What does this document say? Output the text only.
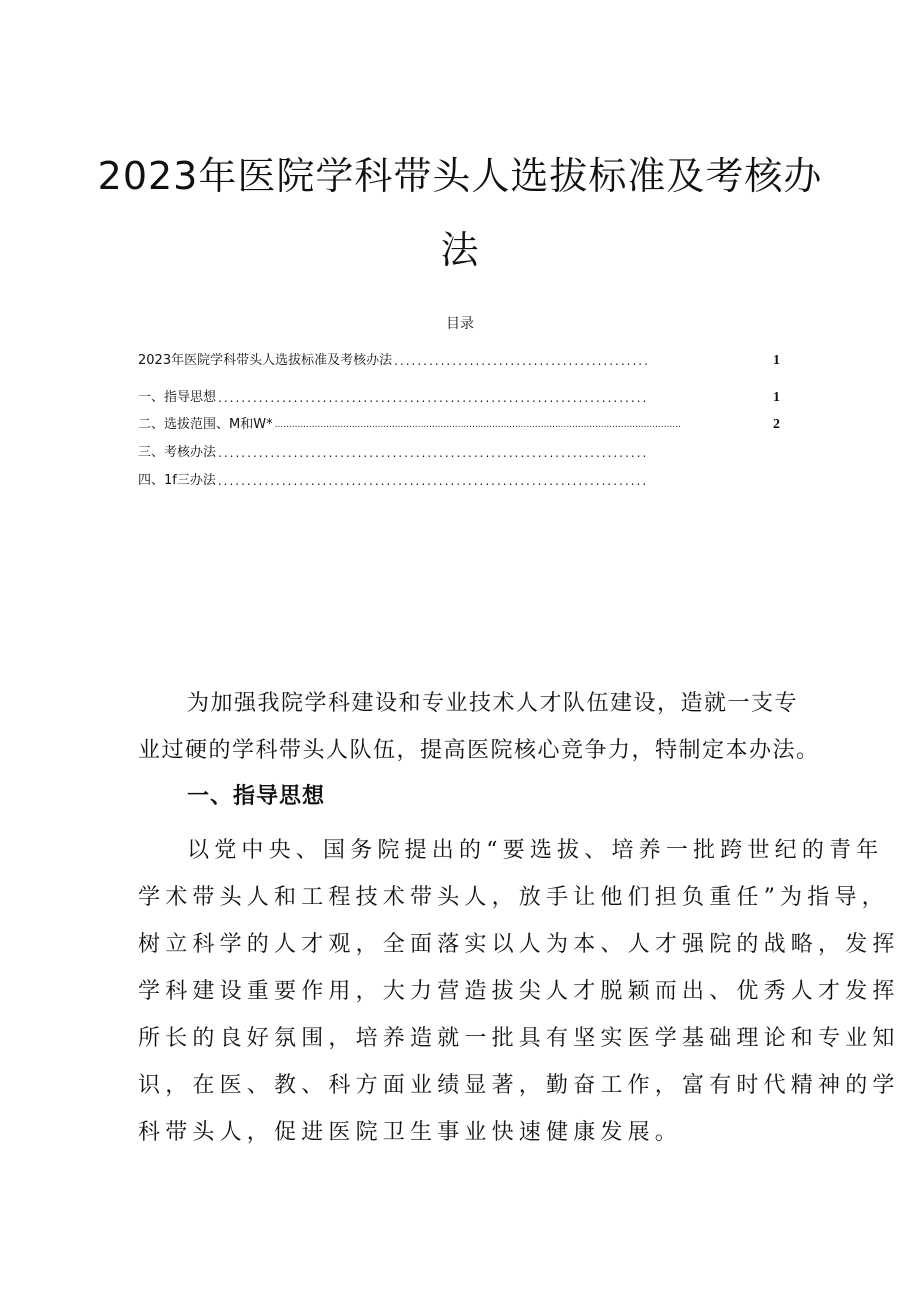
2023年医院学科带头人选拔标准及考核办
法
目录
2023年医院学科带头人选拔标准及考核办法 ............................................	1
一、指导思想 ..........................................................................	1
二、选拔范围、M和W* ..............................................................................................................................................	2
三、考核办法 ..........................................................................
四、1f三办法 ..........................................................................
为加强我院学科建设和专业技术人才队伍建设，造就一支专
业过硬的学科带头人队伍，提高医院核心竞争力，特制定本办法。
一、指导思想
以党中央、国务院提出的“要选拔、培养一批跨世纪的青年
学术带头人和工程技术带头人，放手让他们担负重任”为指导，
树立科学的人才观，全面落实以人为本、人才强院的战略，发挥
学科建设重要作用，大力营造拔尖人才脱颖而出、优秀人才发挥
所长的良好氛围，培养造就一批具有坚实医学基础理论和专业知
识，在医、教、科方面业绩显著，勤奋工作，富有时代精神的学
科带头人，促进医院卫生事业快速健康发展。
